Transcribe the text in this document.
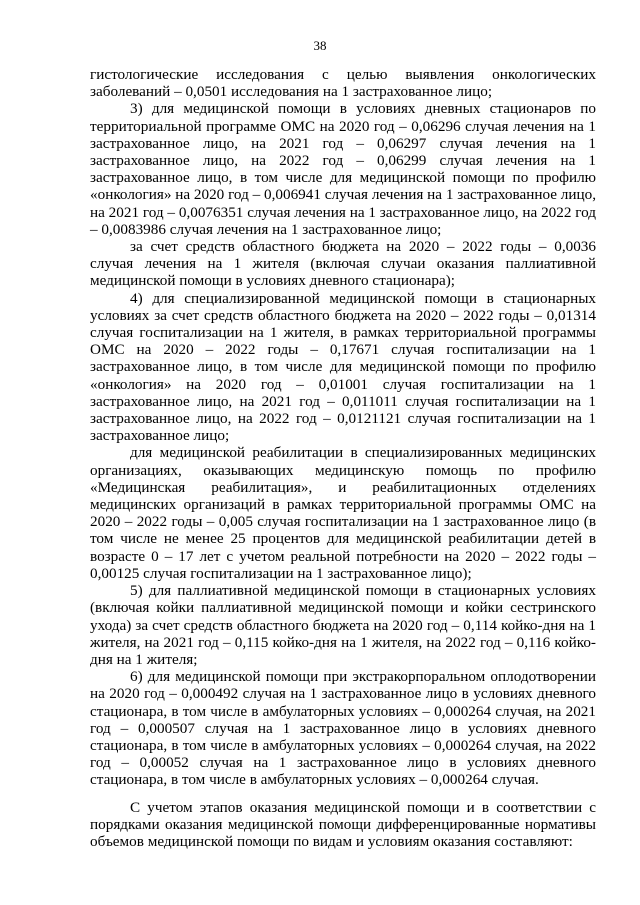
38

гистологические исследования с целью выявления онкологических заболеваний – 0,0501 исследования на 1 застрахованное лицо;

3) для медицинской помощи в условиях дневных стационаров по территориальной программе ОМС на 2020 год – 0,06296 случая лечения на 1 застрахованное лицо, на 2021 год – 0,06297 случая лечения на 1 застрахованное лицо, на 2022 год – 0,06299 случая лечения на 1 застрахованное лицо, в том числе для медицинской помощи по профилю «онкология» на 2020 год – 0,006941 случая лечения на 1 застрахованное лицо, на 2021 год – 0,0076351 случая лечения на 1 застрахованное лицо, на 2022 год – 0,0083986 случая лечения на 1 застрахованное лицо;

за счет средств областного бюджета на 2020 – 2022 годы – 0,0036 случая лечения на 1 жителя (включая случаи оказания паллиативной медицинской помощи в условиях дневного стационара);

4) для специализированной медицинской помощи в стационарных условиях за счет средств областного бюджета на 2020 – 2022 годы – 0,01314 случая госпитализации на 1 жителя, в рамках территориальной программы ОМС на 2020 – 2022 годы – 0,17671 случая госпитализации на 1 застрахованное лицо, в том числе для медицинской помощи по профилю «онкология» на 2020 год – 0,01001 случая госпитализации на 1 застрахованное лицо, на 2021 год – 0,011011 случая госпитализации на 1 застрахованное лицо, на 2022 год – 0,0121121 случая госпитализации на 1 застрахованное лицо;

для медицинской реабилитации в специализированных медицинских организациях, оказывающих медицинскую помощь по профилю «Медицинская реабилитация», и реабилитационных отделениях медицинских организаций в рамках территориальной программы ОМС на 2020 – 2022 годы – 0,005 случая госпитализации на 1 застрахованное лицо (в том числе не менее 25 процентов для медицинской реабилитации детей в возрасте 0 – 17 лет с учетом реальной потребности на 2020 – 2022 годы – 0,00125 случая госпитализации на 1 застрахованное лицо);

5) для паллиативной медицинской помощи в стационарных условиях (включая койки паллиативной медицинской помощи и койки сестринского ухода) за счет средств областного бюджета на 2020 год – 0,114 койко-дня на 1 жителя, на 2021 год – 0,115 койко-дня на 1 жителя, на 2022 год – 0,116 койко-дня на 1 жителя;

6) для медицинской помощи при экстракорпоральном оплодотворении на 2020 год – 0,000492 случая на 1 застрахованное лицо в условиях дневного стационара, в том числе в амбулаторных условиях – 0,000264 случая, на 2021 год – 0,000507 случая на 1 застрахованное лицо в условиях дневного стационара, в том числе в амбулаторных условиях – 0,000264 случая, на 2022 год – 0,00052 случая на 1 застрахованное лицо в условиях дневного стационара, в том числе в амбулаторных условиях – 0,000264 случая.

С учетом этапов оказания медицинской помощи и в соответствии с порядками оказания медицинской помощи дифференцированные нормативы объемов медицинской помощи по видам и условиям оказания составляют:
